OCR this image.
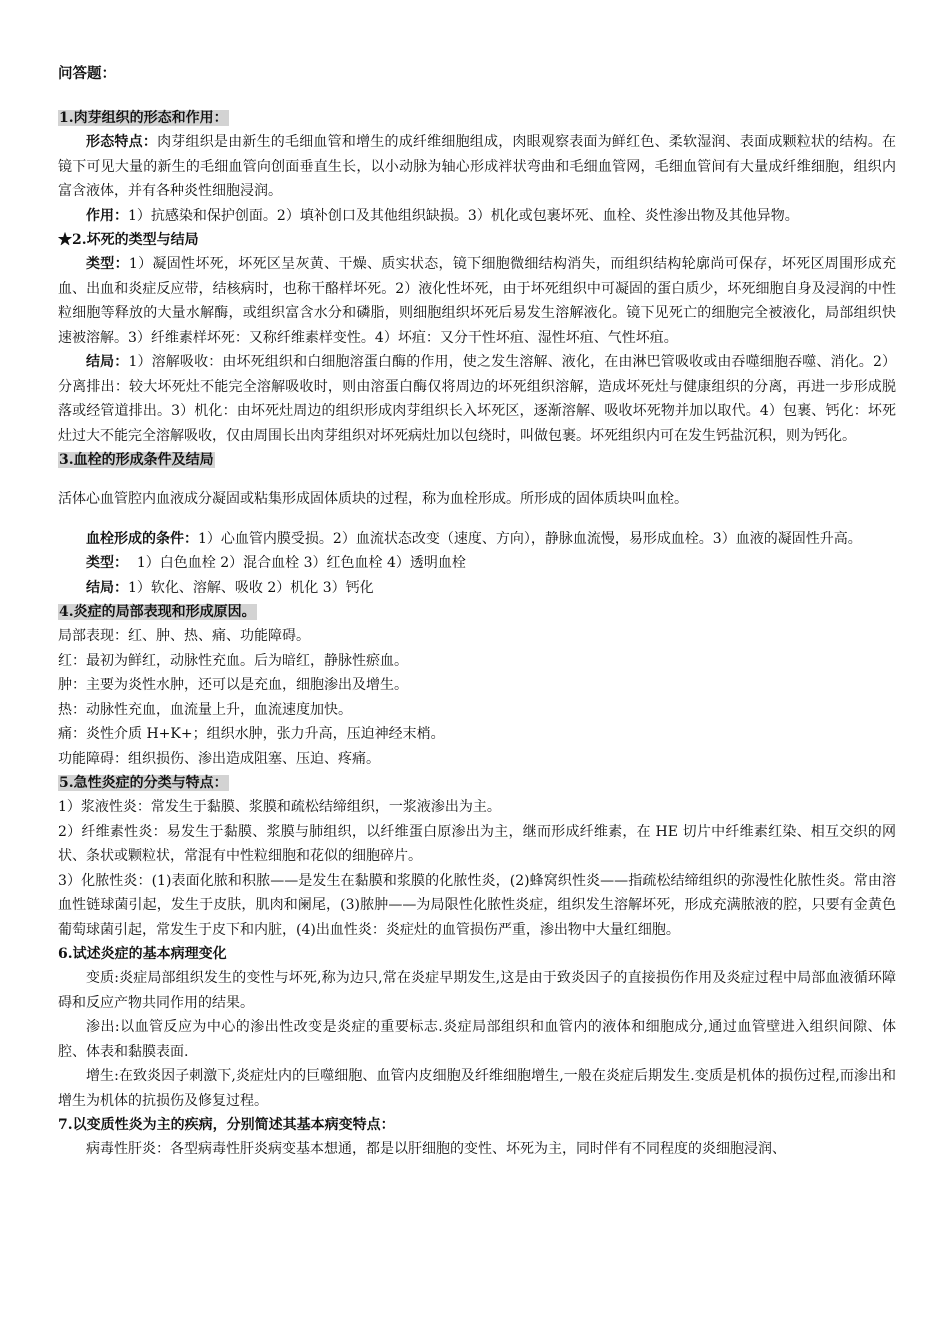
问答题：
1.肉芽组织的形态和作用：

形态特点：肉芽组织是由新生的毛细血管和增生的成纤维细胞组成，肉眼观察表面为鲜红色、柔软湿润、表面成颗粒状的结构。在镜下可见大量的新生的毛细血管向创面垂直生长，以小动脉为轴心形成袢状弯曲和毛细血管网，毛细血管间有大量成纤维细胞，组织内富含液体，并有各种炎性细胞浸润。

作用：1）抗感染和保护创面。2）填补创口及其他组织缺损。3）机化或包裹坏死、血栓、炎性渗出物及其他异物。

★2.坏死的类型与结局

类型：1）凝固性坏死，坏死区呈灰黄、干燥、质实状态，镜下细胞微细结构消失，而组织结构轮廓尚可保存，坏死区周围形成充血、出血和炎症反应带，结核病时，也称干酪样坏死。2）液化性坏死，由于坏死组织中可凝固的蛋白质少，坏死细胞自身及浸润的中性粒细胞等释放的大量水解酶，或组织富含水分和磷脂，则细胞组织坏死后易发生溶解液化。镜下见死亡的细胞完全被液化，局部组织快速被溶解。3）纤维素样坏死：又称纤维素样变性。4）坏疽：又分干性坏疽、湿性坏疽、气性坏疽。

结局：1）溶解吸收：由坏死组织和白细胞溶蛋白酶的作用，使之发生溶解、液化，在由淋巴管吸收或由吞噬细胞吞噬、消化。2）分离排出：较大坏死灶不能完全溶解吸收时，则由溶蛋白酶仅将周边的坏死组织溶解，造成坏死灶与健康组织的分离，再进一步形成脱落或经管道排出。3）机化：由坏死灶周边的组织形成肉芽组织长入坏死区，逐渐溶解、吸收坏死物并加以取代。4）包裹、钙化：坏死灶过大不能完全溶解吸收，仅由周围长出肉芽组织对坏死病灶加以包绕时，叫做包裹。坏死组织内可在发生钙盐沉积，则为钙化。

3.血栓的形成条件及结局

活体心血管腔内血液成分凝固或粘集形成固体质块的过程，称为血栓形成。所形成的固体质块叫血栓。

血栓形成的条件：1）心血管内膜受损。2）血流状态改变（速度、方向），静脉血流慢，易形成血栓。3）血液的凝固性升高。

类型：  1）白色血栓 2）混合血栓 3）红色血栓 4）透明血栓

结局：1）软化、溶解、吸收 2）机化 3）钙化

4.炎症的局部表现和形成原因。

局部表现：红、肿、热、痛、功能障碍。

红：最初为鲜红，动脉性充血。后为暗红，静脉性瘀血。

肿：主要为炎性水肿，还可以是充血，细胞渗出及增生。

热：动脉性充血，血流量上升，血流速度加快。

痛：炎性介质 H+K+；组织水肿，张力升高，压迫神经末梢。

功能障碍：组织损伤、渗出造成阻塞、压迫、疼痛。

5.急性炎症的分类与特点：

1）浆液性炎：常发生于黏膜、浆膜和疏松结缔组织，一浆液渗出为主。

2）纤维素性炎：易发生于黏膜、浆膜与肺组织，以纤维蛋白原渗出为主，继而形成纤维素，在 HE 切片中纤维素红染、相互交织的网状、条状或颗粒状，常混有中性粒细胞和花似的细胞碎片。

3）化脓性炎：(1)表面化脓和积脓——是发生在黏膜和浆膜的化脓性炎，(2)蜂窝织性炎——指疏松结缔组织的弥漫性化脓性炎。常由溶血性链球菌引起，发生于皮肤，肌肉和阑尾，(3)脓肿——为局限性化脓性炎症，组织发生溶解坏死，形成充满脓液的腔，只要有金黄色葡萄球菌引起，常发生于皮下和内脏，(4)出血性炎：炎症灶的血管损伤严重，渗出物中大量红细胞。

6.试述炎症的基本病理变化

变质:炎症局部组织发生的变性与坏死,称为边只,常在炎症早期发生,这是由于致炎因子的直接损伤作用及炎症过程中局部血液循环障碍和反应产物共同作用的结果。

渗出:以血管反应为中心的渗出性改变是炎症的重要标志.炎症局部组织和血管内的液体和细胞成分,通过血管壁进入组织间隙、体腔、体表和黏膜表面.

增生:在致炎因子刺激下,炎症灶内的巨噬细胞、血管内皮细胞及纤维细胞增生,一般在炎症后期发生.变质是机体的损伤过程,而渗出和增生为机体的抗损伤及修复过程。

7.以变质性炎为主的疾病，分别简述其基本病变特点：

病毒性肝炎：各型病毒性肝炎病变基本想通，都是以肝细胞的变性、坏死为主，同时伴有不同程度的炎细胞浸润、
